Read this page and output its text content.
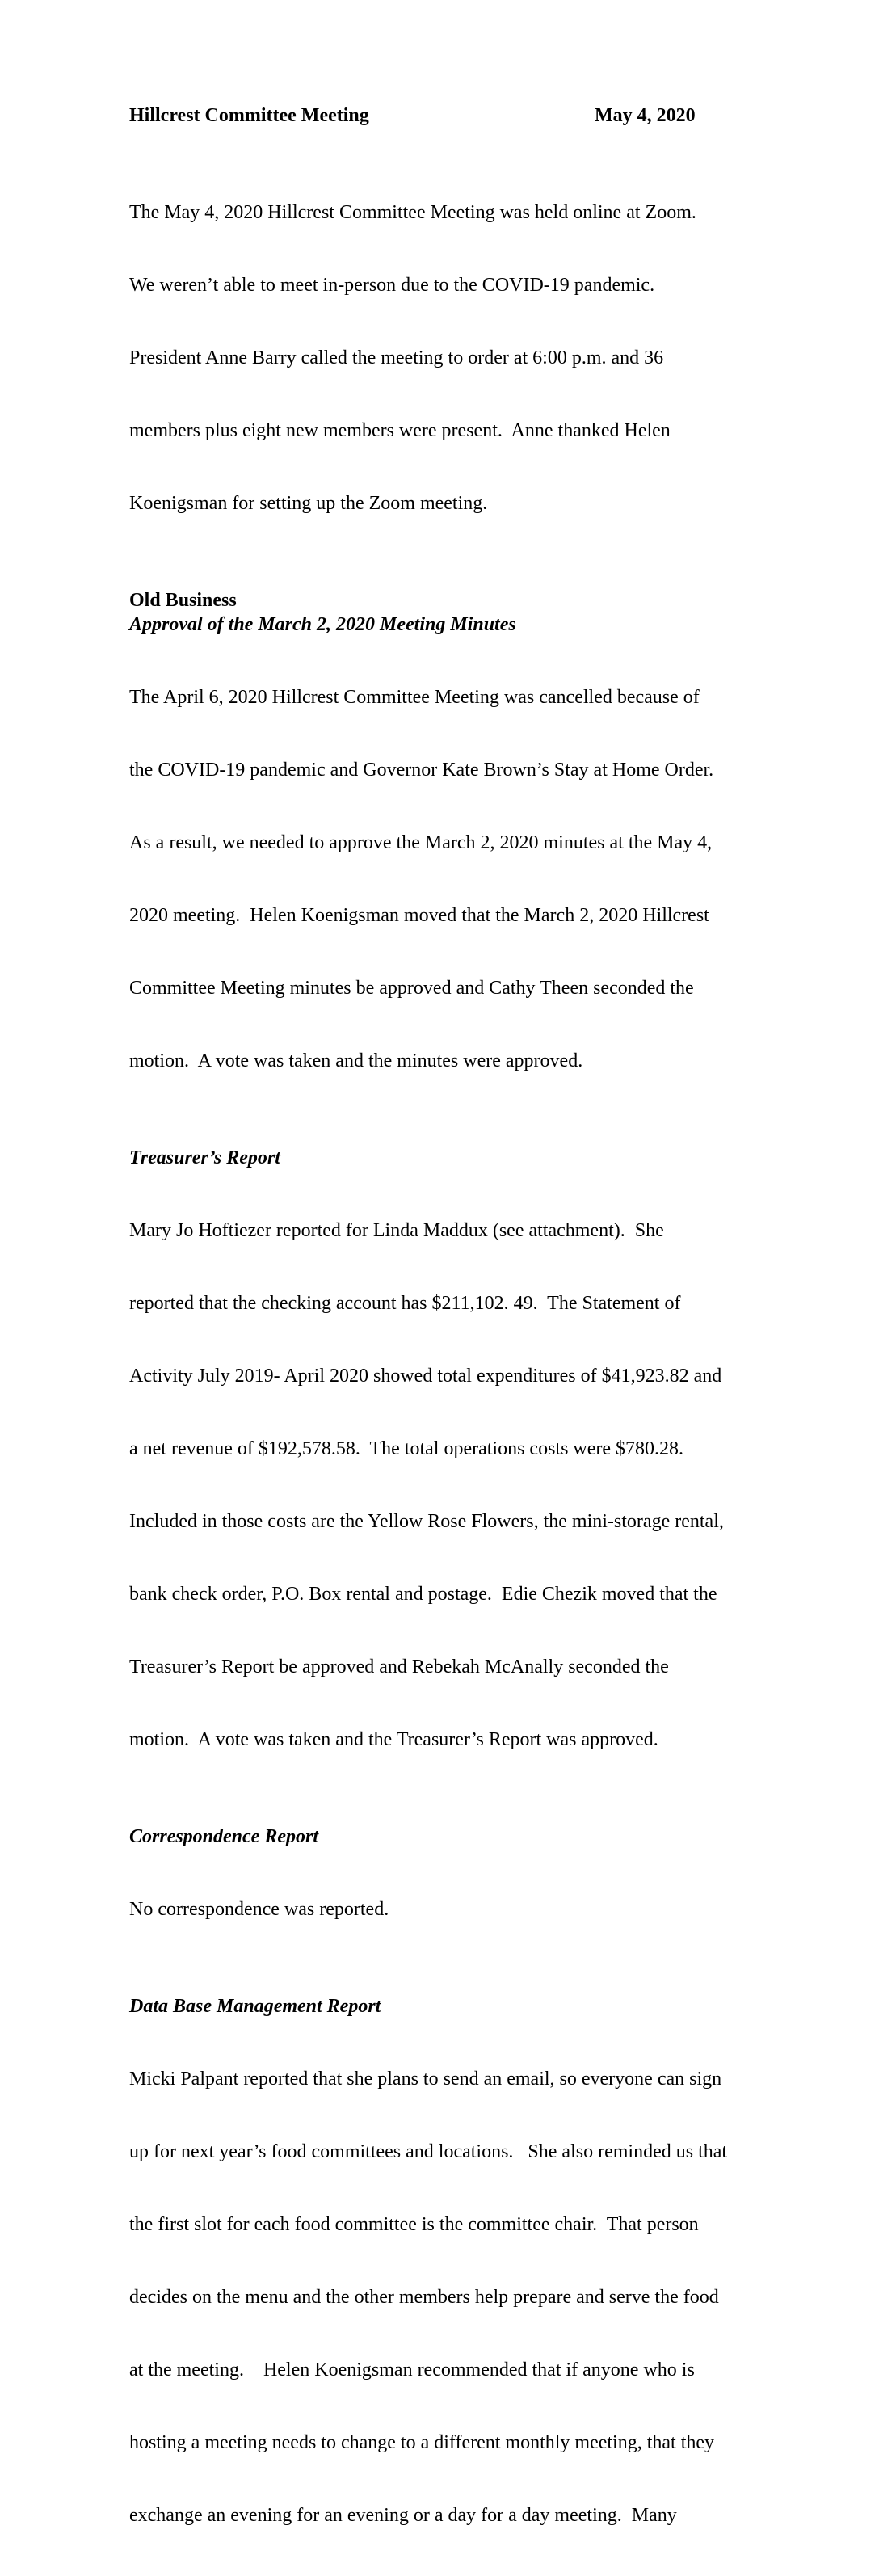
Hillcrest Committee Meeting	May 4, 2020

The May 4, 2020 Hillcrest Committee Meeting was held online at Zoom.

We weren’t able to meet in-person due to the COVID-19 pandemic.

President Anne Barry called the meeting to order at 6:00 p.m. and 36

members plus eight new members were present.  Anne thanked Helen

Koenigsman for setting up the Zoom meeting.

Old Business
Approval of the March 2, 2020 Meeting Minutes

The April 6, 2020 Hillcrest Committee Meeting was cancelled because of

the COVID-19 pandemic and Governor Kate Brown’s Stay at Home Order.

As a result, we needed to approve the March 2, 2020 minutes at the May 4,

2020 meeting.  Helen Koenigsman moved that the March 2, 2020 Hillcrest

Committee Meeting minutes be approved and Cathy Theen seconded the

motion.  A vote was taken and the minutes were approved.

Treasurer’s Report

Mary Jo Hoftiezer reported for Linda Maddux (see attachment).  She

reported that the checking account has $211,102. 49.  The Statement of

Activity July 2019- April 2020 showed total expenditures of $41,923.82 and

a net revenue of $192,578.58.  The total operations costs were $780.28.

Included in those costs are the Yellow Rose Flowers, the mini-storage rental,

bank check order, P.O. Box rental and postage.  Edie Chezik moved that the

Treasurer’s Report be approved and Rebekah McAnally seconded the

motion.  A vote was taken and the Treasurer’s Report was approved.

Correspondence Report

No correspondence was reported.

Data Base Management Report

Micki Palpant reported that she plans to send an email, so everyone can sign

up for next year’s food committees and locations.   She also reminded us that

the first slot for each food committee is the committee chair.  That person

decides on the menu and the other members help prepare and serve the food

at the meeting.    Helen Koenigsman recommended that if anyone who is

hosting a meeting needs to change to a different monthly meeting, that they

exchange an evening for an evening or a day for a day meeting.  Many
